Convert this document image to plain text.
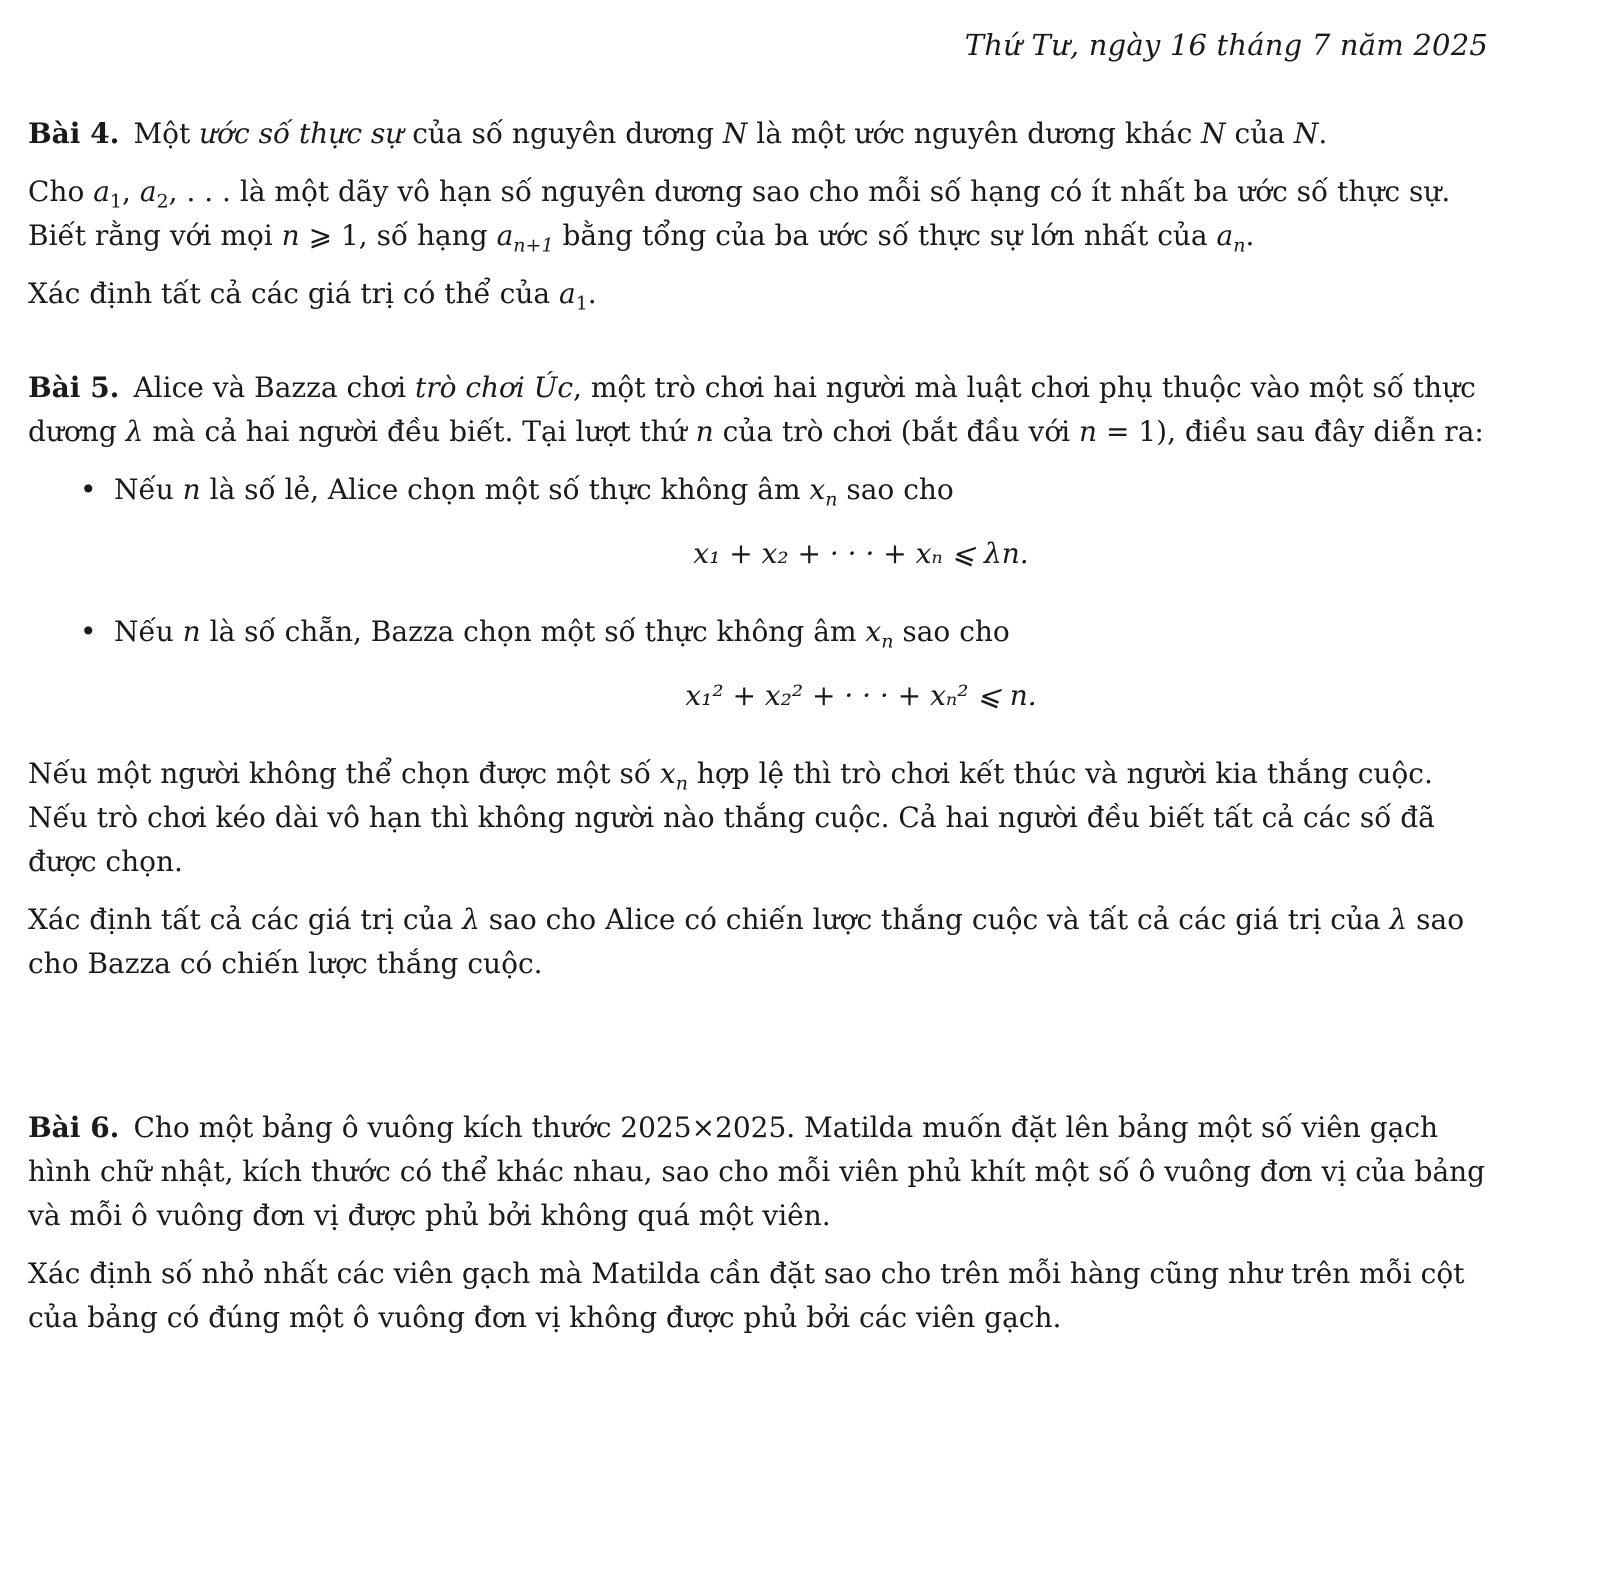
Thứ Tư, ngày 16 tháng 7 năm 2025

Bài 4. Một ước số thực sự của số nguyên dương N là một ước nguyên dương khác N của N.

Cho $a_1$, $a_2$, . . . là một dãy vô hạn số nguyên dương sao cho mỗi số hạng có ít nhất ba ước số thực sự. Biết rằng với mọi n ⩾ 1, số hạng $a_{n+1}$ bằng tổng của ba ước số thực sự lớn nhất của $a_n$.

Xác định tất cả các giá trị có thể của $a_1$.

Bài 5. Alice và Bazza chơi trò chơi Úc, một trò chơi hai người mà luật chơi phụ thuộc vào một số thực dương λ mà cả hai người đều biết. Tại lượt thứ n của trò chơi (bắt đầu với n = 1), điều sau đây diễn ra:

• Nếu n là số lẻ, Alice chọn một số thực không âm $x_n$ sao cho
x₁ + x₂ + · · · + xₙ ⩽ λn.
• Nếu n là số chẵn, Bazza chọn một số thực không âm $x_n$ sao cho
x₁² + x₂² + · · · + xₙ² ⩽ n.

Nếu một người không thể chọn được một số $x_n$ hợp lệ thì trò chơi kết thúc và người kia thắng cuộc. Nếu trò chơi kéo dài vô hạn thì không người nào thắng cuộc. Cả hai người đều biết tất cả các số đã được chọn.

Xác định tất cả các giá trị của λ sao cho Alice có chiến lược thắng cuộc và tất cả các giá trị của λ sao cho Bazza có chiến lược thắng cuộc.

Bài 6. Cho một bảng ô vuông kích thước 2025×2025. Matilda muốn đặt lên bảng một số viên gạch hình chữ nhật, kích thước có thể khác nhau, sao cho mỗi viên phủ khít một số ô vuông đơn vị của bảng và mỗi ô vuông đơn vị được phủ bởi không quá một viên.

Xác định số nhỏ nhất các viên gạch mà Matilda cần đặt sao cho trên mỗi hàng cũng như trên mỗi cột của bảng có đúng một ô vuông đơn vị không được phủ bởi các viên gạch.
